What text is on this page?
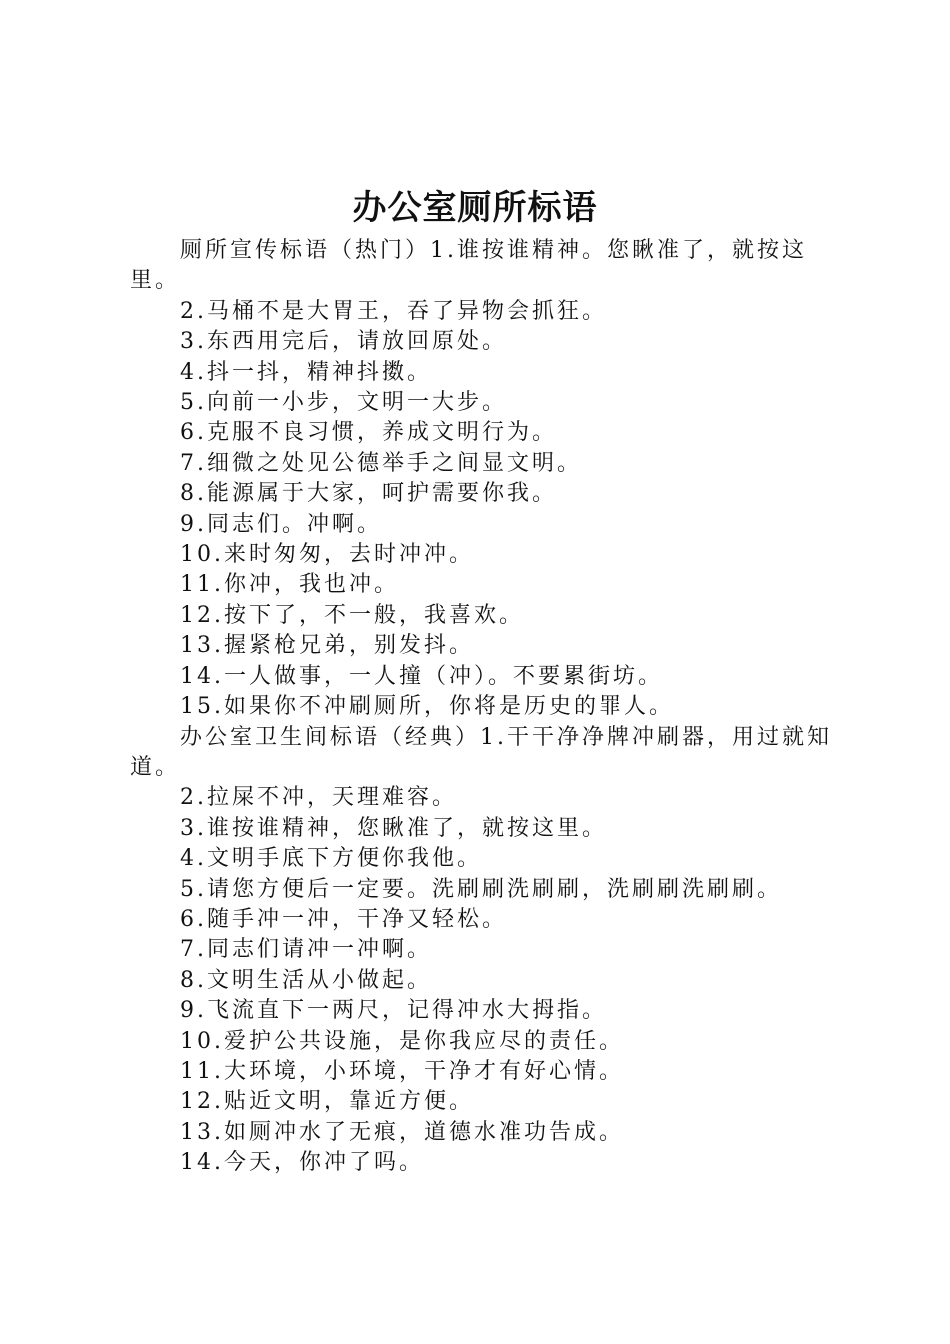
办公室厕所标语

厕所宣传标语（热门）1.谁按谁精神。您瞅准了，就按这里。

2.马桶不是大胃王，吞了异物会抓狂。

3.东西用完后，请放回原处。

4.抖一抖，精神抖擞。

5.向前一小步，文明一大步。

6.克服不良习惯，养成文明行为。

7.细微之处见公德举手之间显文明。

8.能源属于大家，呵护需要你我。

9.同志们。冲啊。

10.来时匆匆，去时冲冲。

11.你冲，我也冲。

12.按下了，不一般，我喜欢。

13.握紧枪兄弟，别发抖。

14.一人做事，一人撞（冲）。不要累街坊。

15.如果你不冲刷厕所，你将是历史的罪人。

办公室卫生间标语（经典）1.干干净净牌冲刷器，用过就知道。

2.拉屎不冲，天理难容。

3.谁按谁精神，您瞅准了，就按这里。

4.文明手底下方便你我他。

5.请您方便后一定要。洗刷刷洗刷刷，洗刷刷洗刷刷。

6.随手冲一冲，干净又轻松。

7.同志们请冲一冲啊。

8.文明生活从小做起。

9.飞流直下一两尺，记得冲水大拇指。

10.爱护公共设施，是你我应尽的责任。

11.大环境，小环境，干净才有好心情。

12.贴近文明，靠近方便。

13.如厕冲水了无痕，道德水准功告成。

14.今天，你冲了吗。
